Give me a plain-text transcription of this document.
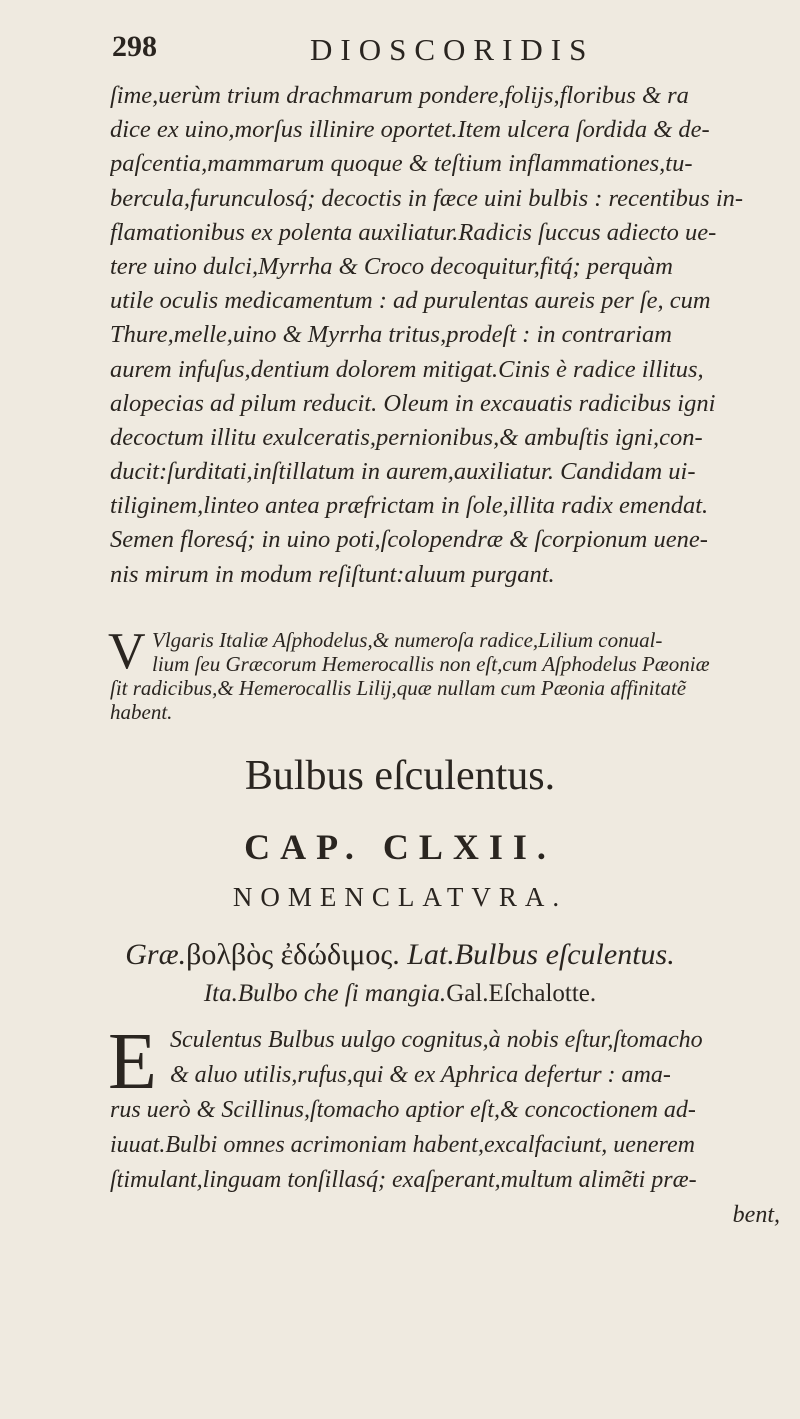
298	DIOSCORIDIS
ſime,uerùm trium drachmarum pondere,folijs,floribus & ra
dice ex uino,morſus illinire oportet.Item ulcera ſordida & de-
paſcentia,mammarum quoque & teſtium inflammationes,tu-
bercula,furunculosq́; decoctis in fæce uini bulbis : recentibus in-
flamationibus ex polenta auxiliatur.Radicis ſuccus adiecto ue-
tere uino dulci,Myrrha & Croco decoquitur,fitq́; perquàm
utile oculis medicamentum : ad purulentas aureis per ſe, cum
Thure,melle,uino & Myrrha tritus,prodeſt : in contrariam
aurem infuſus,dentium dolorem mitigat.Cinis è radice illitus,
alopecias ad pilum reducit. Oleum in excauatis radicibus igni
decoctum illitu exulceratis,pernionibus,& ambuſtis igni,con-
ducit:ſurditati,inſtillatum in aurem,auxiliatur. Candidam ui-
tiliginem,linteo antea præfrictam in ſole,illita radix emendat.
Semen floresq́; in uino poti,ſcolopendræ & ſcorpionum uene-
nis mirum in modum reſiſtunt:aluum purgant.
V Vlgaris Italiæ Aſphodelus,& numeroſa radice,Lilium conual-
lium ſeu Græcorum Hemerocallis non eſt,cum Aſphodelus Pæoniæ
ſit radicibus,& Hemerocallis Lilij,quæ nullam cum Pæonia affinitatẽ
habent.
Bulbus eſculentus.
CAP. CLXII.
NOMENCLATVRA.
Græ.βολβὸς ἐδώδιμος. Lat.Bulbus eſculentus.
Ita.Bulbo che ſi mangia.Gal.Eſchalotte.
E Sculentus Bulbus uulgo cognitus,à nobis eſtur,ſtomacho
& aluo utilis,rufus,qui & ex Aphrica defertur : ama-
rus uerò & Scillinus,ſtomacho aptior eſt,& concoctionem ad-
iuuat.Bulbi omnes acrimoniam habent,excalfaciunt, uenerem
ſtimulant,linguam tonſillasq́; exaſperant,multum alimẽti præ-
bent,
